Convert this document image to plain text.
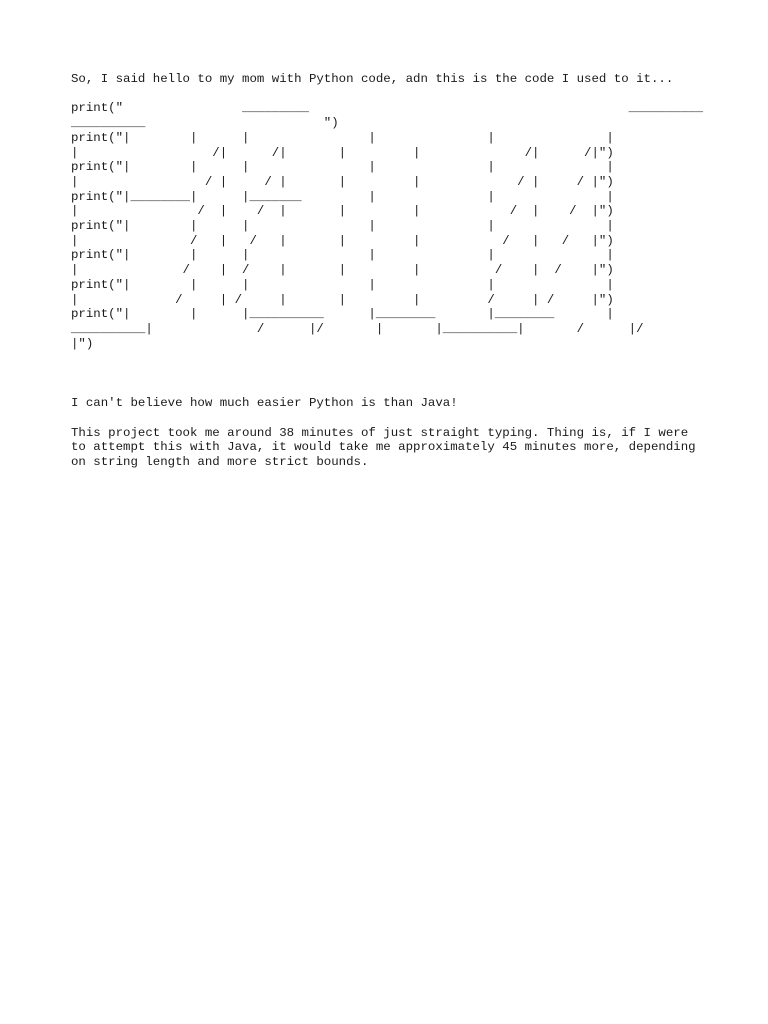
So, I said hello to my mom with Python code, adn this is the code I used to it...

print("                _________                                           __________
__________                        ")
print("|        |      |                |               |               |
|                  /|      /|       |         |              /|      /|")
print("|        |      |                |               |               |
|                 / |     / |       |         |             / |     / |")
print("|________|      |_______         |               |               |
|                /  |    /  |       |         |            /  |    /  |")
print("|        |      |                |               |               |
|               /   |   /   |       |         |           /   |   /   |")
print("|        |      |                |               |               |
|              /    |  /    |       |         |          /    |  /    |")
print("|        |      |                |               |               |
|             /     | /     |       |         |         /     | /     |")
print("|        |      |__________      |________       |________       |
__________|              /      |/       |       |__________|       /      |/
|")

I can't believe how much easier Python is than Java!

This project took me around 38 minutes of just straight typing. Thing is, if I were to attempt this with Java, it would take me approximately 45 minutes more, depending on string length and more strict bounds.
